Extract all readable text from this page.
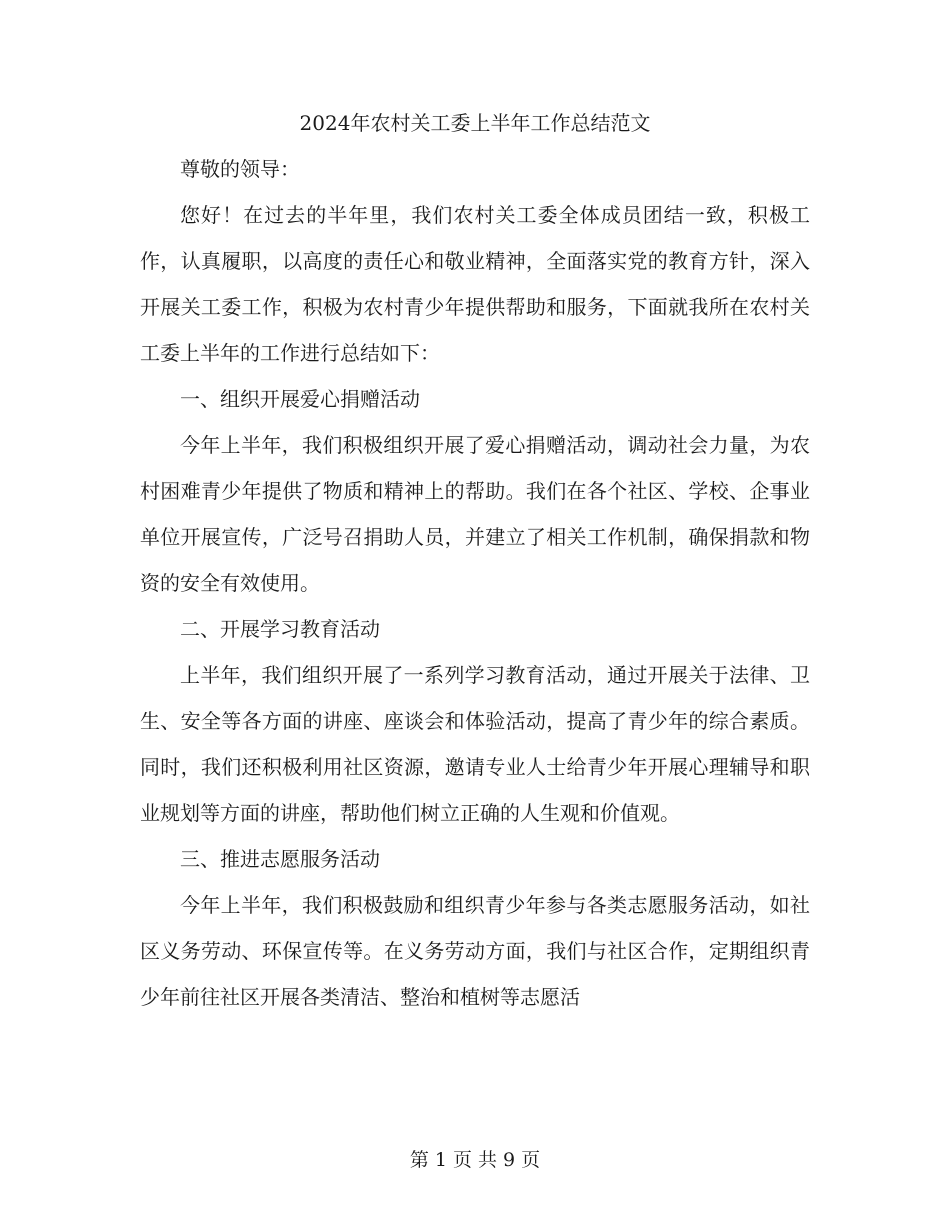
2024年农村关工委上半年工作总结范文

尊敬的领导：

您好！在过去的半年里，我们农村关工委全体成员团结一致，积极工作，认真履职，以高度的责任心和敬业精神，全面落实党的教育方针，深入开展关工委工作，积极为农村青少年提供帮助和服务，下面就我所在农村关工委上半年的工作进行总结如下：

一、组织开展爱心捐赠活动

今年上半年，我们积极组织开展了爱心捐赠活动，调动社会力量，为农村困难青少年提供了物质和精神上的帮助。我们在各个社区、学校、企事业单位开展宣传，广泛号召捐助人员，并建立了相关工作机制，确保捐款和物资的安全有效使用。

二、开展学习教育活动

上半年，我们组织开展了一系列学习教育活动，通过开展关于法律、卫生、安全等各方面的讲座、座谈会和体验活动，提高了青少年的综合素质。同时，我们还积极利用社区资源，邀请专业人士给青少年开展心理辅导和职业规划等方面的讲座，帮助他们树立正确的人生观和价值观。

三、推进志愿服务活动

今年上半年，我们积极鼓励和组织青少年参与各类志愿服务活动，如社区义务劳动、环保宣传等。在义务劳动方面，我们与社区合作，定期组织青少年前往社区开展各类清洁、整治和植树等志愿活

第 1 页 共 9 页
